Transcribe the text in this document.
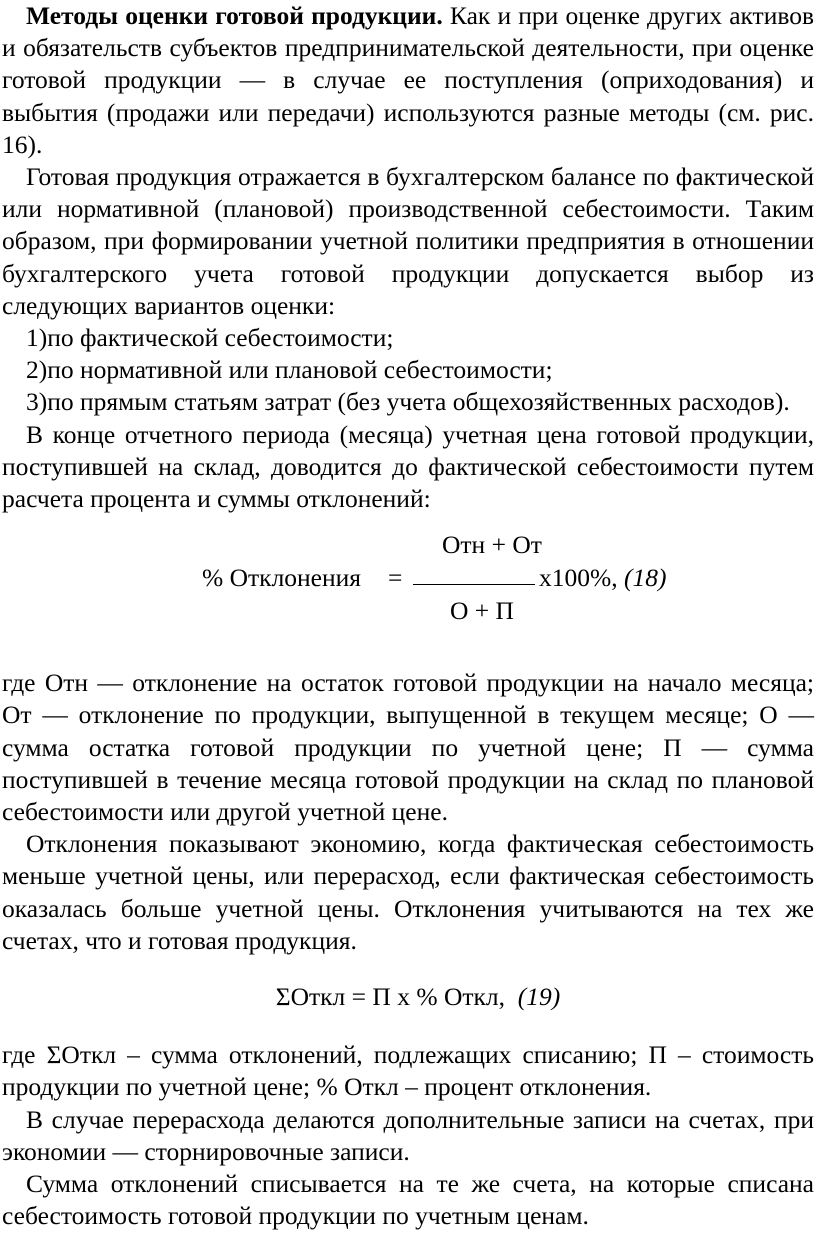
Методы оценки готовой продукции. Как и при оценке других активов и обязательств субъектов предпринимательской деятельности, при оценке готовой продукции — в случае ее поступления (оприходования) и выбытия (продажи или передачи) используются разные методы (см. рис. 16).

Готовая продукция отражается в бухгалтерском балансе по фактической или нормативной (плановой) производственной себестоимости. Таким образом, при формировании учетной политики предприятия в отношении бухгалтерского учета готовой продукции допускается выбор из следующих вариантов оценки:

1)по фактической себестоимости;

2)по нормативной или плановой себестоимости;

3)по прямым статьям затрат (без учета общехозяйственных расходов).

В конце отчетного периода (месяца) учетная цена готовой продукции, поступившей на склад, доводится до фактической себестоимости путем расчета процента и суммы отклонений:

Отн + От
% Отклонения =	х100%, (18)
О + П

где Отн — отклонение на остаток готовой продукции на начало месяца; От — отклонение по продукции, выпущенной в текущем месяце; О — сумма остатка готовой продукции по учетной цене; П — сумма поступившей в течение месяца готовой продукции на склад по плановой себестоимости или другой учетной цене.

Отклонения показывают экономию, когда фактическая себестоимость меньше учетной цены, или перерасход, если фактическая себестоимость оказалась больше учетной цены. Отклонения учитываются на тех же счетах, что и готовая продукция.

ΣОткл = П х % Откл, (19)

где ΣОткл – сумма отклонений, подлежащих списанию; П – стоимость продукции по учетной цене; % Откл – процент отклонения.

В случае перерасхода делаются дополнительные записи на счетах, при экономии — сторнировочные записи.

Сумма отклонений списывается на те же счета, на которые списана себестоимость готовой продукции по учетным ценам.
